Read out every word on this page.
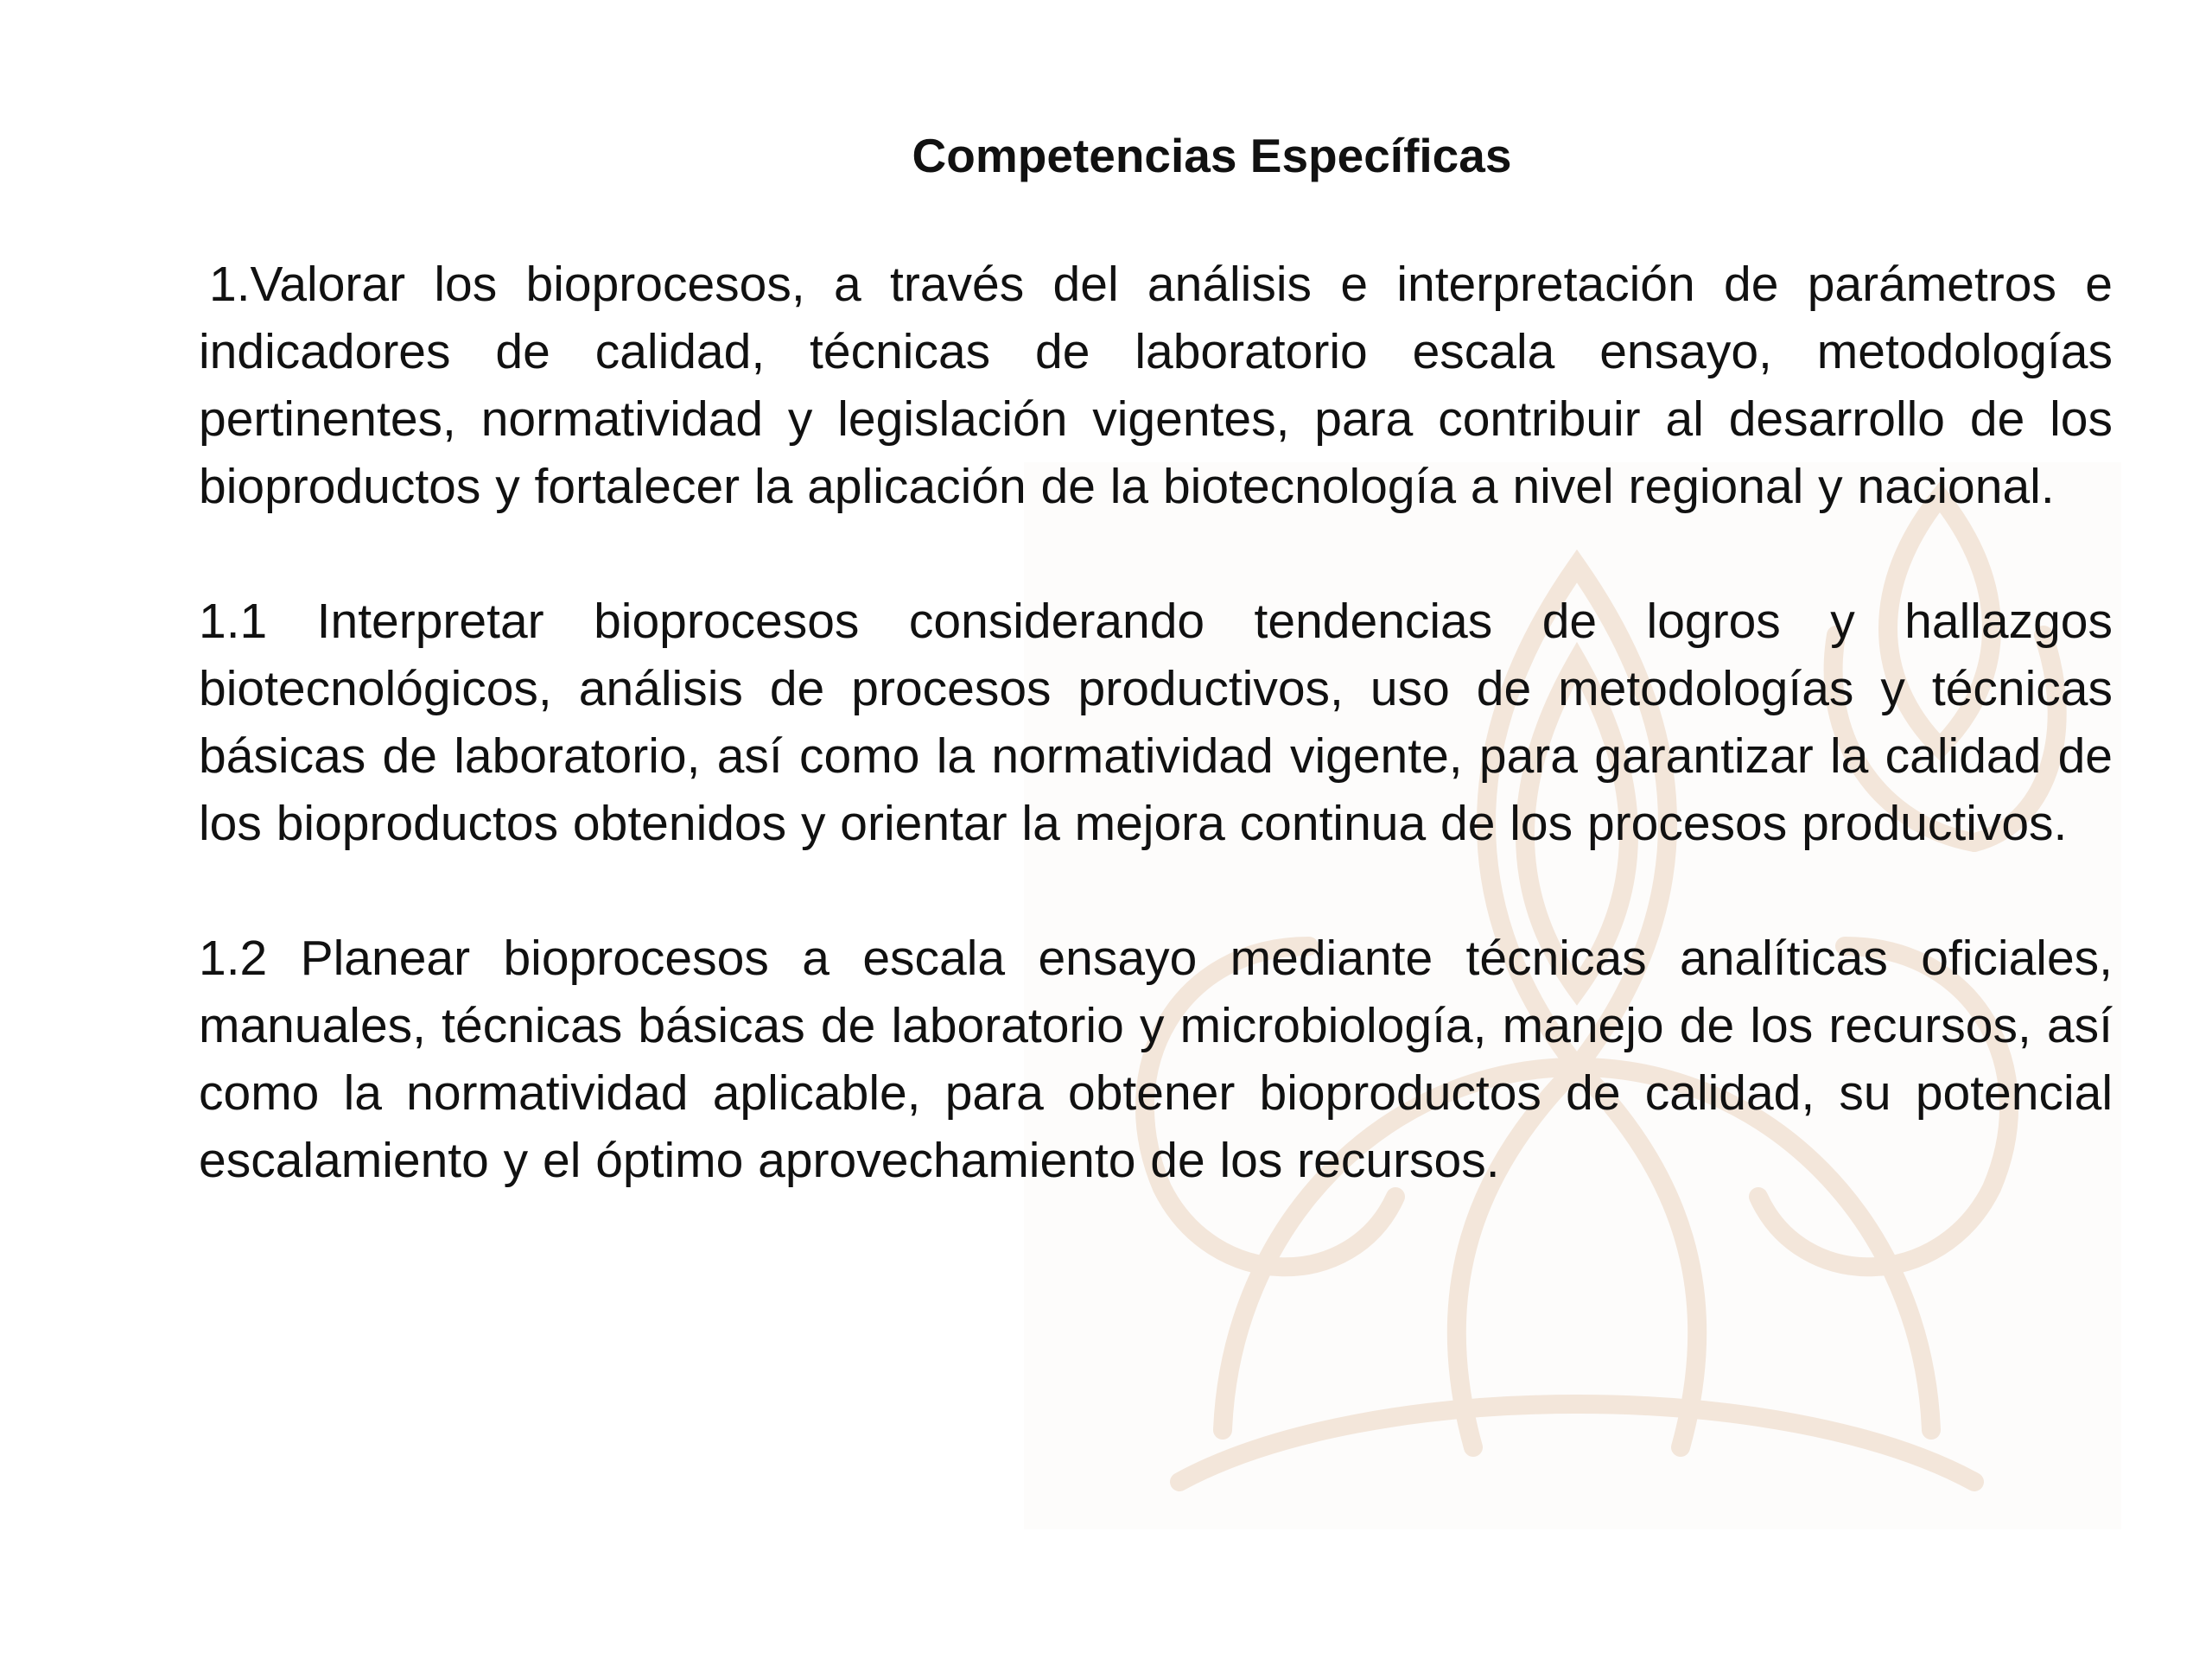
Competencias Específicas

1.Valorar los bioprocesos, a través del análisis e interpretación de parámetros e indicadores de calidad, técnicas de laboratorio escala ensayo, metodologías pertinentes, normatividad y legislación vigentes, para contribuir al desarrollo de los bioproductos y fortalecer la aplicación de la biotecnología a nivel regional y nacional.

1.1 Interpretar bioprocesos considerando tendencias de logros y hallazgos biotecnológicos, análisis de procesos productivos, uso de metodologías y técnicas básicas de laboratorio, así como la normatividad vigente, para garantizar la calidad de los bioproductos obtenidos y orientar la mejora continua de los procesos productivos.

1.2 Planear bioprocesos a escala ensayo mediante técnicas analíticas oficiales, manuales, técnicas básicas de laboratorio y microbiología, manejo de los recursos, así como la normatividad aplicable, para obtener bioproductos de calidad, su potencial escalamiento y el óptimo aprovechamiento de los recursos.
